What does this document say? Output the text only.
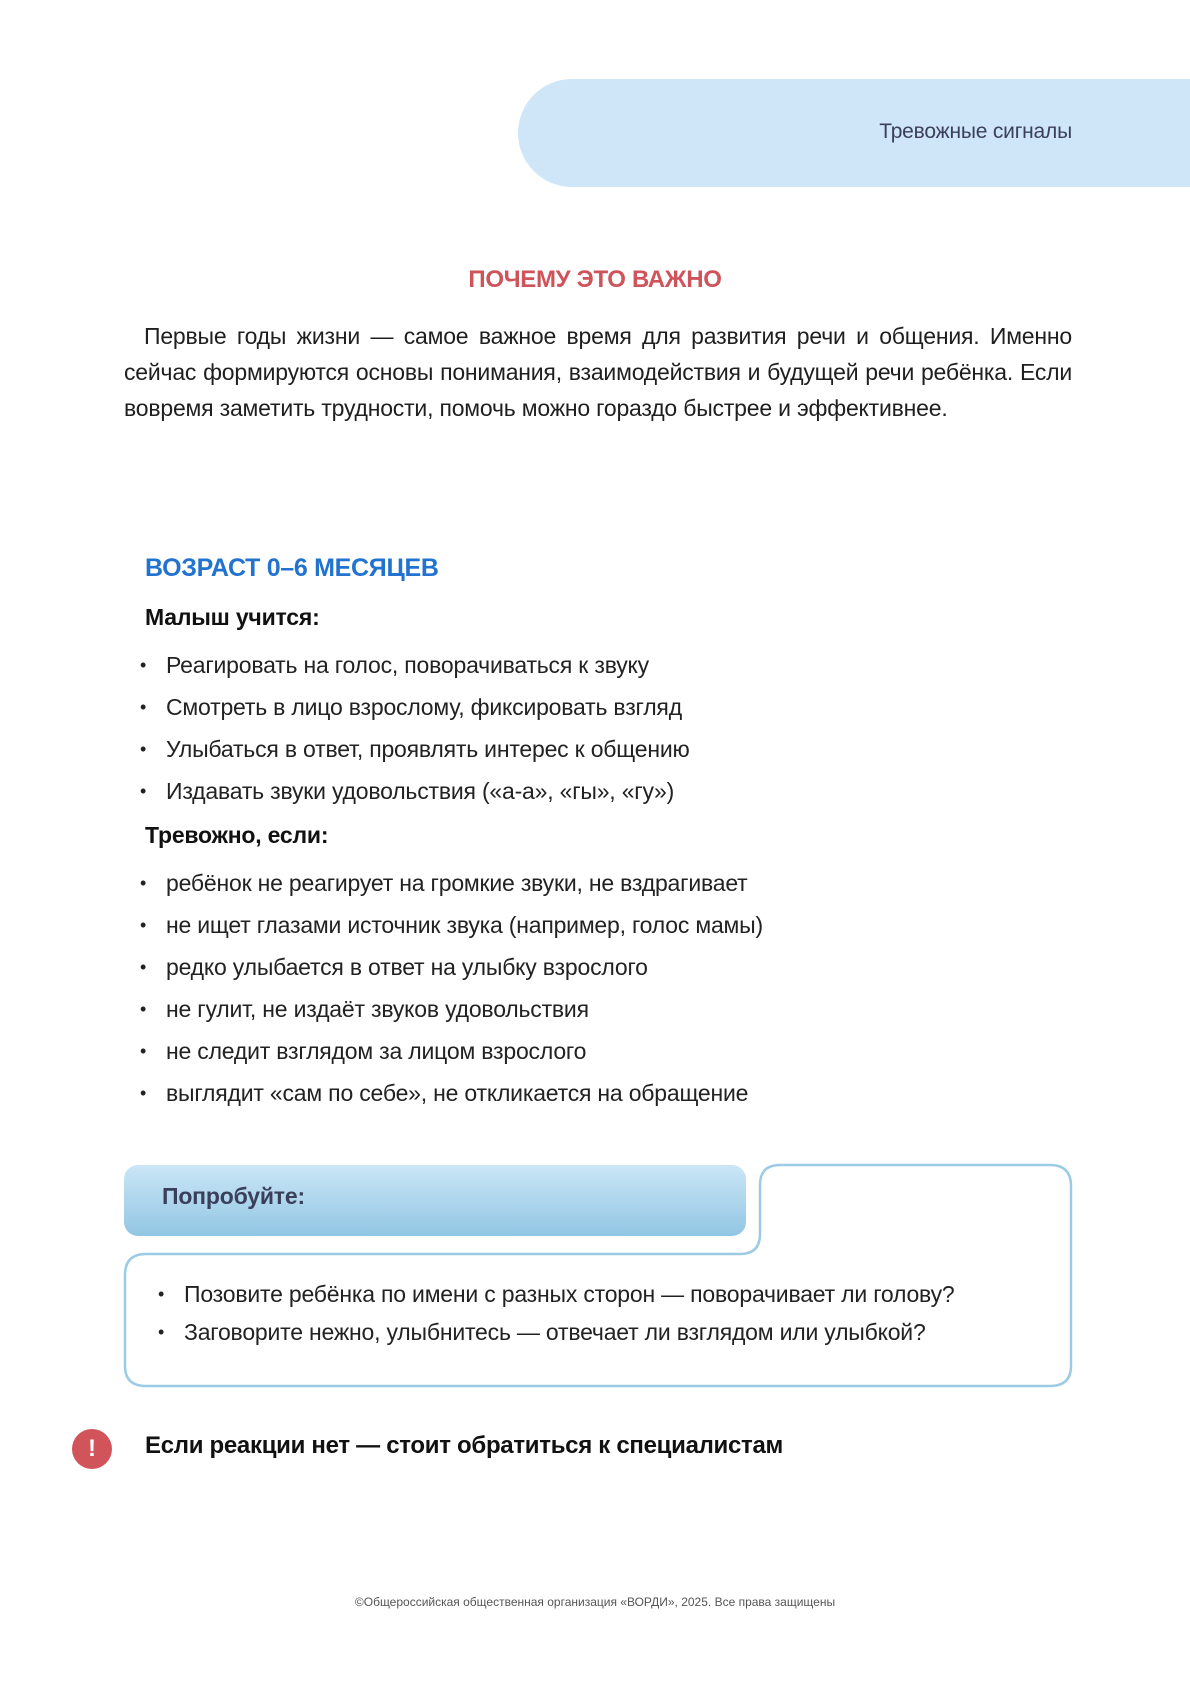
Тревожные сигналы
ПОЧЕМУ ЭТО ВАЖНО

Первые годы жизни — самое важное время для развития речи и общения. Именно сейчас формируются основы понимания, взаимодействия и будущей речи ребёнка. Если вовремя заметить трудности, помочь можно гораздо быстрее и эффективнее.

ВОЗРАСТ 0–6 МЕСЯЦЕВ
Малыш учится:
• Реагировать на голос, поворачиваться к звуку
• Смотреть в лицо взрослому, фиксировать взгляд
• Улыбаться в ответ, проявлять интерес к общению
• Издавать звуки удовольствия («а-а», «гы», «гу»)
Тревожно, если:
• ребёнок не реагирует на громкие звуки, не вздрагивает
• не ищет глазами источник звука (например, голос мамы)
• редко улыбается в ответ на улыбку взрослого
• не гулит, не издаёт звуков удовольствия
• не следит взглядом за лицом взрослого
• выглядит «сам по себе», не откликается на обращение
Попробуйте:
• Позовите ребёнка по имени с разных сторон — поворачивает ли голову?
• Заговорите нежно, улыбнитесь — отвечает ли взглядом или улыбкой?
!	Если реакции нет — стоит обратиться к специалистам
©Общероссийская общественная организация «ВОРДИ», 2025. Все права защищены
